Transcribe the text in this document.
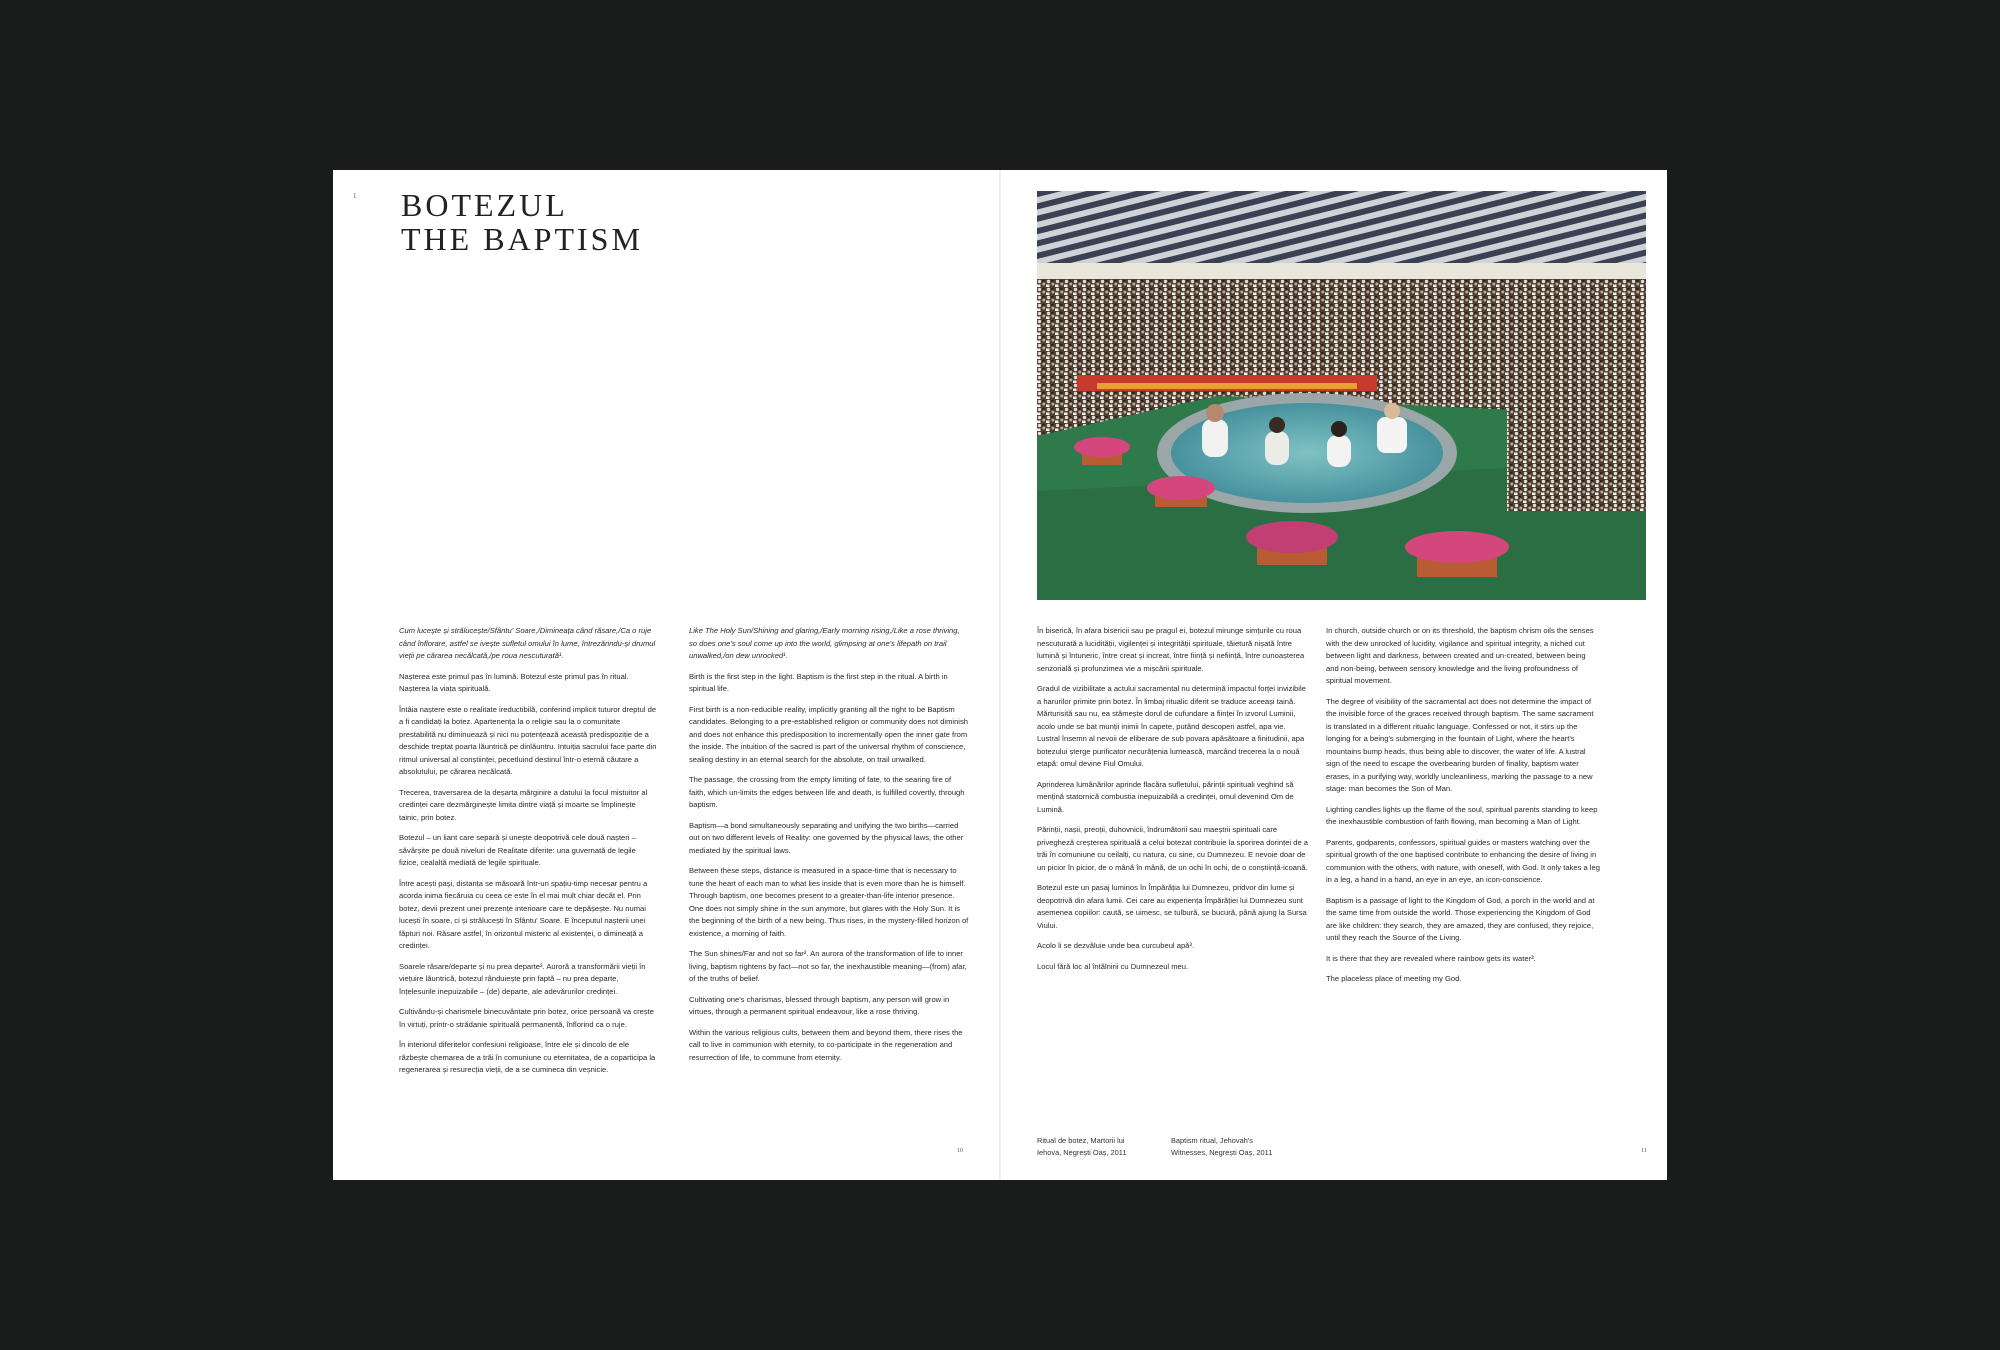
1 BOTEZUL
THE BAPTISM

Cum lucește și strălucește/Sfântu' Soare,/Dimineața când răsare,/Ca o ruje când înflorare, astfel se ivește sufletul omului în lume, întrezărindu-și drumul vieții pe cărarea necălcată,/pe roua nescuturată¹.

Nașterea este primul pas în lumină. Botezul este primul pas în ritual. Nașterea la viața spirituală.

Întâia naștere este o realitate ireductibilă, conferind implicit tuturor dreptul de a fi candidați la botez. Apartenența la o religie sau la o comunitate prestabilită nu diminuează și nici nu potențează această predispoziție de a deschide treptat poarta lăuntrică pe dinlăuntru. Intuiția sacrului face parte din ritmul universal al conștiinței, pecetluind destinul într-o eternă căutare a absolutului, pe cărarea necălcată.

Trecerea, traversarea de la deșarta mărginire a datului la focul mistuitor al credinței care dezmărginește limita dintre viață și moarte se împlinește tainic, prin botez.

Botezul – un liant care separă și unește deopotrivă cele două nașteri – săvârșite pe două niveluri de Realitate diferite: una guvernată de legile fizice, cealaltă mediată de legile spirituale.

Între acești pași, distanța se măsoară într-un spațiu-timp necesar pentru a acorda inima fiecăruia cu ceea ce este în el mai mult chiar decât el. Prin botez, devii prezent unei prezențe interioare care te depășește. Nu numai lucești în soare, ci și strălucești în Sfântu' Soare. E începutul nașterii unei făpturi noi. Răsare astfel, în orizontul misteric al existenței, o dimineață a credinței.

Soarele răsare/departe și nu prea departe². Auroră a transformării vieții în viețuire lăuntrică, botezul rânduiește prin faptă – nu prea departe, înțelesurile inepuizabile – (de) departe, ale adevărurilor credinței.

Cultivându-și charismele binecuvântate prin botez, orice persoană va crește în virtuți, printr-o strădanie spirituală permanentă, înflorind ca o ruje.

În interiorul diferitelor confesiuni religioase, între ele și dincolo de ele răzbește chemarea de a trăi în comuniune cu eternitatea, de a coparticipa la regenerarea și resurecția vieții, de a se cumineca din veșnicie.

Like The Holy Sun/Shining and glaring,/Early morning rising,/Like a rose thriving, so does one's soul come up into the world, glimpsing at one's lifepath on trail unwalked,/on dew unrocked¹.

Birth is the first step in the light. Baptism is the first step in the ritual. A birth in spiritual life.

First birth is a non-reducible reality, implicitly granting all the right to be Baptism candidates. Belonging to a pre-established religion or community does not diminish and does not enhance this predisposition to incrementally open the inner gate from the inside. The intuition of the sacred is part of the universal rhythm of conscience, sealing destiny in an eternal search for the absolute, on trail unwalked.

The passage, the crossing from the empty limiting of fate, to the searing fire of faith, which un-limits the edges between life and death, is fulfilled covertly, through baptism.

Baptism—a bond simultaneously separating and unifying the two births—carried out on two different levels of Reality: one governed by the physical laws, the other mediated by the spiritual laws.

Between these steps, distance is measured in a space-time that is necessary to tune the heart of each man to what lies inside that is even more than he is himself. Through baptism, one becomes present to a greater-than-life interior presence. One does not simply shine in the sun anymore, but glares with the Holy Sun. It is the beginning of the birth of a new being. Thus rises, in the mystery-filled horizon of existence, a morning of faith.

The Sun shines/Far and not so far². An aurora of the transformation of life to inner living, baptism rightens by fact—not so far, the inexhaustible meaning—(from) afar, of the truths of belief.

Cultivating one's charismas, blessed through baptism, any person will grow in virtues, through a permanent spiritual endeavour, like a rose thriving.

Within the various religious cults, between them and beyond them, there rises the call to live in communion with eternity, to co-participate in the regeneration and resurrection of life, to commune from eternity.

10

În biserică, în afara bisericii sau pe pragul ei, botezul mirunge simțurile cu roua nescuturată a lucidității, vigilenței și integrității spirituale, tăietură nișată între lumină și întuneric, între creat și increat, între ființă și neființă, între cunoașterea senzorială și profunzimea vie a mișcării spirituale.

Gradul de vizibilitate a actului sacramental nu determină impactul forței invizibile a harurilor primite prin botez. În limbaj ritualic diferit se traduce aceeași taină. Mărturisită sau nu, ea stâmește dorul de cufundare a ființei în izvorul Luminii, acolo unde se bat munții inimii în capete, putând descoperi astfel, apa vie. Lustral însemn al nevoii de eliberare de sub povara apăsătoare a finitudinii, apa botezului șterge purificator necurățenia lumească, marcând trecerea la o nouă etapă: omul devine Fiul Omului.

Aprinderea lumânărilor aprinde flacăra sufletului, părinții spirituali veghind să mențină statornică combustia inepuizabilă a credinței, omul devenind Om de Lumină.

Părinții, nașii, preoții, duhovnicii, îndrumătorii sau maeștrii spirituali care privegheză creșterea spirituală a celui botezat contribuie la sporirea dorinței de a trăi în comuniune cu ceilalți, cu natura, cu sine, cu Dumnezeu. E nevoie doar de un picior în picior, de o mână în mână, de un ochi în ochi, de o conștiință-icoană.

Botezul este un pasaj luminos în Împărăția lui Dumnezeu, pridvor din lume și deopotrivă din afara lumii. Cei care au experiența Împărăției lui Dumnezeu sunt asemenea copiilor: caută, se uimesc, se tulbură, se bucură, până ajung la Sursa Viului.

Acolo li se dezvăluie unde bea curcubeul apă³.

Locul fără loc al întâlnirii cu Dumnezeul meu.

In church, outside church or on its threshold, the baptism chrism oils the senses with the dew unrocked of lucidity, vigilance and spiritual integrity, a niched cut between light and darkness, between created and un-created, between being and non-being, between sensory knowledge and the living profoundness of spiritual movement.

The degree of visibility of the sacramental act does not determine the impact of the invisible force of the graces received through baptism. The same sacrament is translated in a different ritualic language. Confessed or not, it stirs up the longing for a being's submerging in the fountain of Light, where the heart's mountains bump heads, thus being able to discover, the water of life. A lustral sign of the need to escape the overbearing burden of finality, baptism water erases, in a purifying way, worldly uncleanliness, marking the passage to a new stage: man becomes the Son of Man.

Lighting candles lights up the flame of the soul, spiritual parents standing to keep the inexhaustible combustion of faith flowing, man becoming a Man of Light.

Parents, godparents, confessors, spiritual guides or masters watching over the spiritual growth of the one baptised contribute to enhancing the desire of living in communion with the others, with nature, with oneself, with God. It only takes a leg in a leg, a hand in a hand, an eye in an eye, an icon-conscience.

Baptism is a passage of light to the Kingdom of God, a porch in the world and at the same time from outside the world. Those experiencing the Kingdom of God are like children: they search, they are amazed, they are confused, they rejoice, until they reach the Source of the Living.

It is there that they are revealed where rainbow gets its water³.

The placeless place of meeting my God.

Ritual de botez, Martorii lui Iehova, Negrești Oaș, 2011
Baptism ritual, Jehovah's Witnesses, Negrești Oaș, 2011	11
